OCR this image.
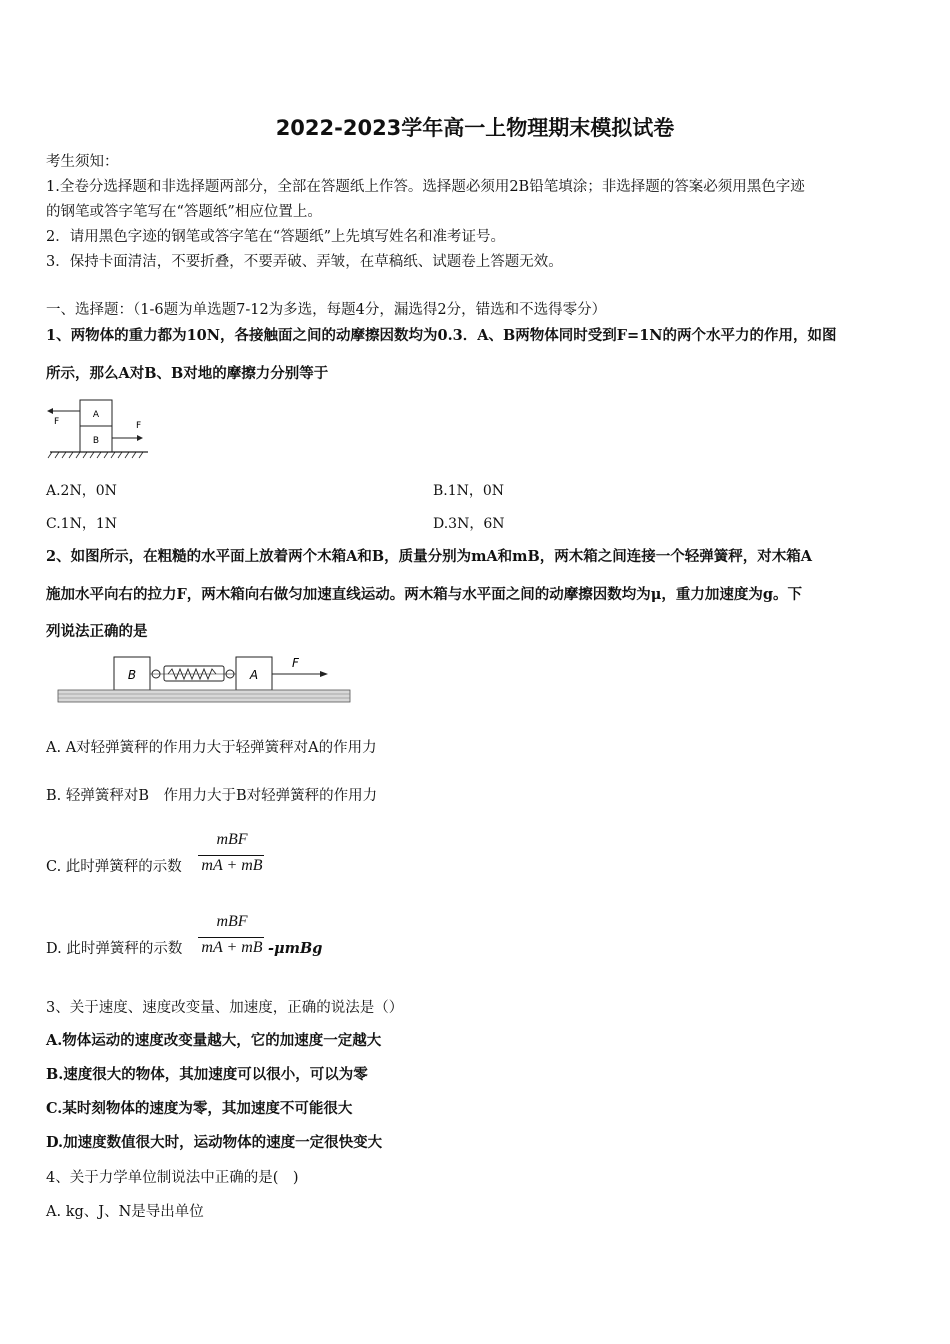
2022-2023学年高一上物理期末模拟试卷
考生须知：
1.全卷分选择题和非选择题两部分，全部在答题纸上作答。选择题必须用2B铅笔填涂；非选择题的答案必须用黑色字迹
的钢笔或答字笔写在“答题纸”相应位置上。
2．请用黑色字迹的钢笔或答字笔在“答题纸”上先填写姓名和准考证号。
3．保持卡面清洁，不要折叠，不要弄破、弄皱，在草稿纸、试题卷上答题无效。
一、选择题：（1-6题为单选题7-12为多选，每题4分，漏选得2分，错选和不选得零分）
1、两物体的重力都为10N，各接触面之间的动摩擦因数均为0.3．A、B两物体同时受到F=1N的两个水平力的作用，如图
所示，那么A对B、B对地的摩擦力分别等于
A
B
F	F
A.2N，0N	B.1N，0N
C.1N，1N	D.3N，6N
2、如图所示，在粗糙的水平面上放着两个木箱A和B，质量分别为mA和mB，两木箱之间连接一个轻弹簧秤，对木箱A
施加水平向右的拉力F，两木箱向右做匀加速直线运动。两木箱与水平面之间的动摩擦因数均为μ，重力加速度为g。下
列说法正确的是
B	A
F
A. A对轻弹簧秤的作用力大于轻弹簧秤对A的作用力
B. 轻弹簧秤对B　作用力大于B对轻弹簧秤的作用力
C. 此时弹簧秤的示数
mBF
mA + mB
D. 此时弹簧秤的示数
mBF
mA + mB -μmBg
3、关于速度、速度改变量、加速度，正确的说法是（）
A.物体运动的速度改变量越大，它的加速度一定越大
B.速度很大的物体，其加速度可以很小，可以为零
C.某时刻物体的速度为零，其加速度不可能很大
D.加速度数值很大时，运动物体的速度一定很快变大
4、关于力学单位制说法中正确的是(　)
A. kg、J、N是导出单位
